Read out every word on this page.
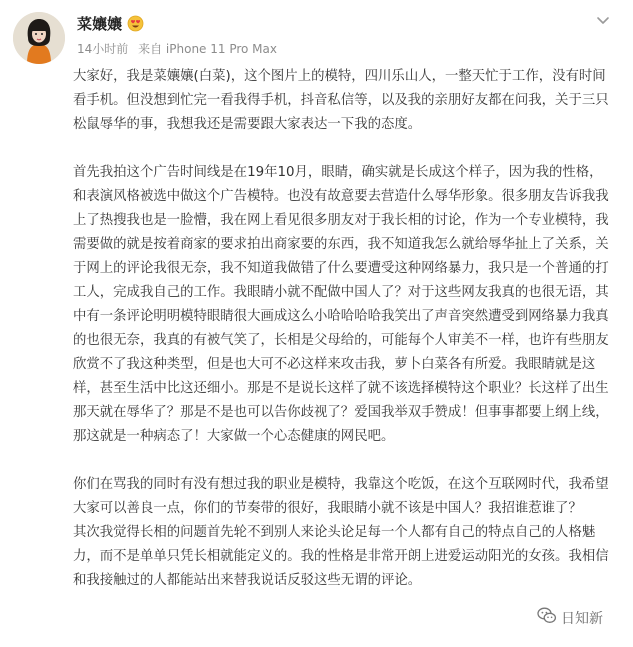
菜孃孃
14小时前 来自 iPhone 11 Pro Max

大家好，我是菜孃孃(白菜)，这个图片上的模特，四川乐山人，一整天忙于工作，没有时间看手机。但没想到忙完一看我得手机，抖音私信等，以及我的亲朋好友都在问我，关于三只松鼠辱华的事，我想我还是需要跟大家表达一下我的态度。

首先我拍这个广告时间线是在19年10月，眼睛，确实就是长成这个样子，因为我的性格，和表演风格被选中做这个广告模特。也没有故意要去营造什么辱华形象。很多朋友告诉我我上了热搜我也是一脸懵，我在网上看见很多朋友对于我长相的讨论，作为一个专业模特，我需要做的就是按着商家的要求拍出商家要的东西，我不知道我怎么就给辱华扯上了关系，关于网上的评论我很无奈，我不知道我做错了什么要遭受这种网络暴力，我只是一个普通的打工人，完成我自己的工作。我眼睛小就不配做中国人了？对于这些网友我真的也很无语，其中有一条评论明明模特眼睛很大画成这么小哈哈哈哈我笑出了声音突然遭受到网络暴力我真的也很无奈，我真的有被气笑了，长相是父母给的，可能每个人审美不一样，也许有些朋友欣赏不了我这种类型，但是也大可不必这样来攻击我，萝卜白菜各有所爱。我眼睛就是这样，甚至生活中比这还细小。那是不是说长这样了就不该选择模特这个职业？长这样了出生那天就在辱华了？那是不是也可以告你歧视了？爱国我举双手赞成！但事事都要上纲上线，那这就是一种病态了！大家做一个心态健康的网民吧。

你们在骂我的同时有没有想过我的职业是模特，我靠这个吃饭，在这个互联网时代，我希望大家可以善良一点，你们的节奏带的很好，我眼睛小就不该是中国人？我招谁惹谁了？

其次我觉得长相的问题首先轮不到别人来论头论足每一个人都有自己的特点自己的人格魅力，而不是单单只凭长相就能定义的。我的性格是非常开朗上进爱运动阳光的女孩。我相信和我接触过的人都能站出来替我说话反驳这些无谓的评论。

日知新
